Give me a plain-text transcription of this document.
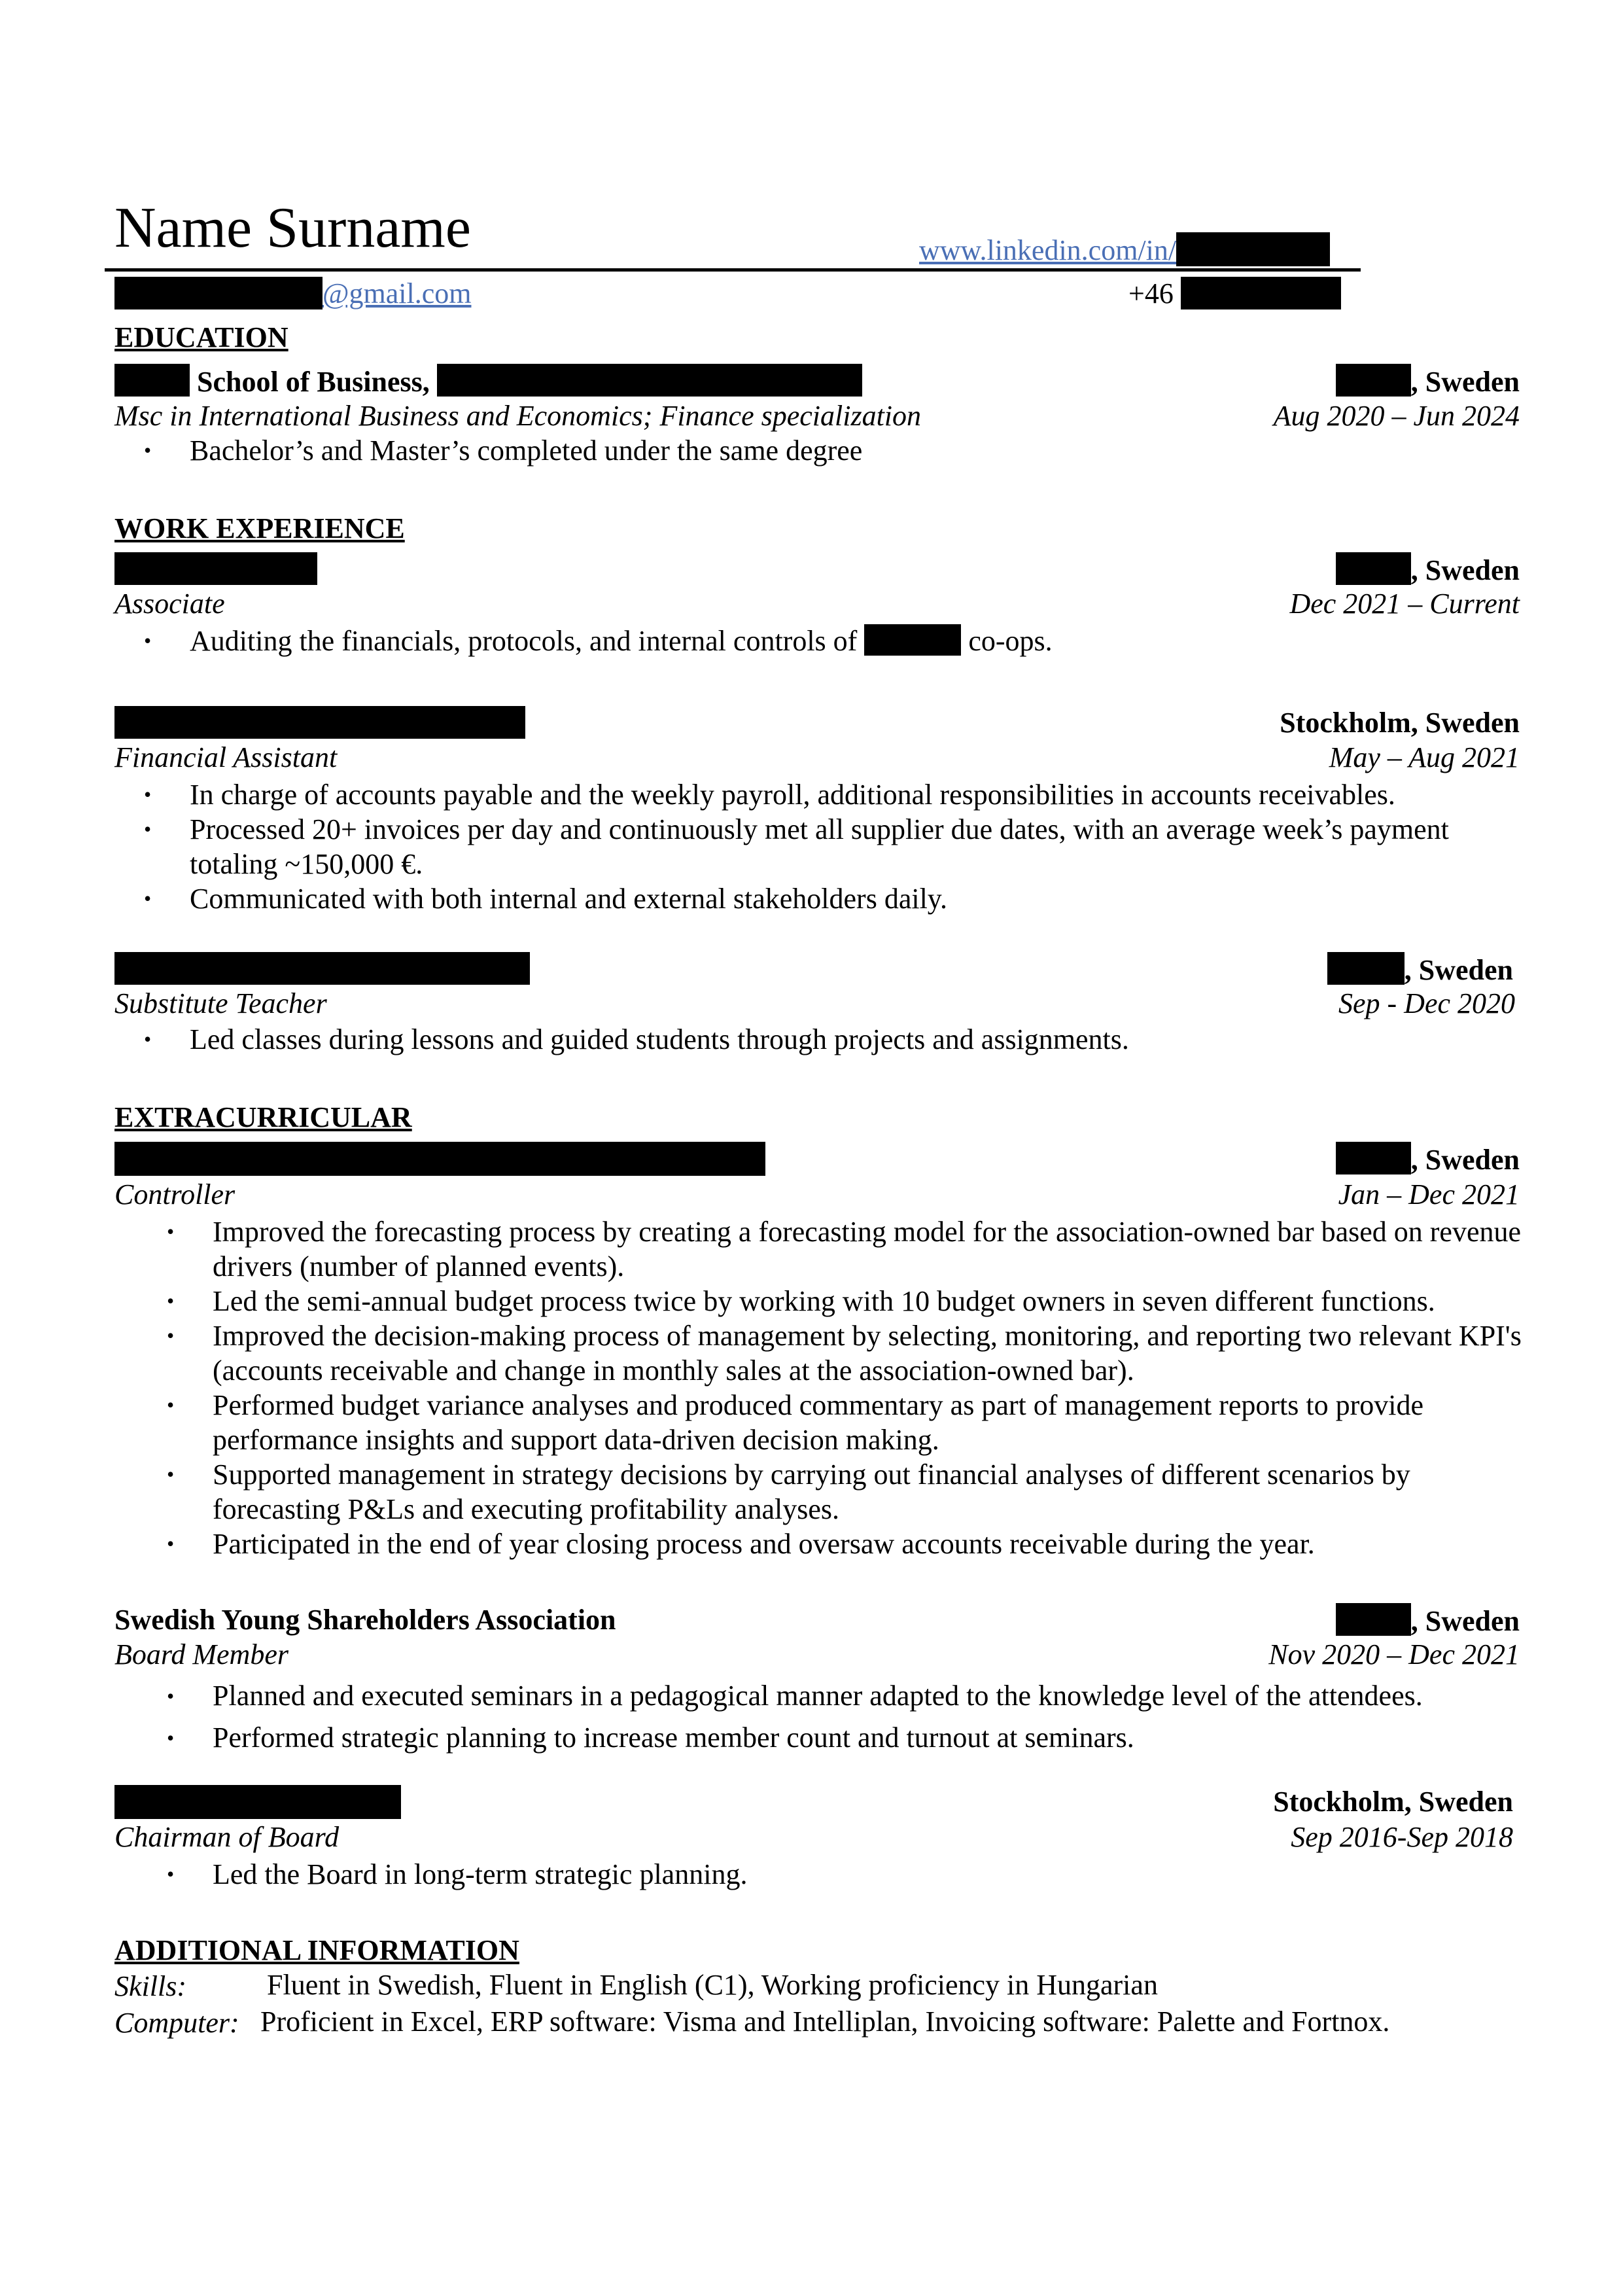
Name Surname	www.linkedin.com/in/
@gmail.com	+46
EDUCATION
School of Business,	, Sweden
Msc in International Business and Economics; Finance specialization	Aug 2020 – Jun 2024
• Bachelor’s and Master’s completed under the same degree
WORK EXPERIENCE
, Sweden
Associate	Dec 2021 – Current
• Auditing the financials, protocols, and internal controls of	co-ops.
Stockholm, Sweden
Financial Assistant	May – Aug 2021
• In charge of accounts payable and the weekly payroll, additional responsibilities in accounts receivables.
• Processed 20+ invoices per day and continuously met all supplier due dates, with an average week’s payment totaling ~150,000 €.
• Communicated with both internal and external stakeholders daily.
, Sweden
Substitute Teacher	Sep - Dec 2020
• Led classes during lessons and guided students through projects and assignments.
EXTRACURRICULAR
, Sweden
Controller	Jan – Dec 2021
• Improved the forecasting process by creating a forecasting model for the association-owned bar based on revenue drivers (number of planned events).
• Led the semi-annual budget process twice by working with 10 budget owners in seven different functions.
• Improved the decision-making process of management by selecting, monitoring, and reporting two relevant KPI's (accounts receivable and change in monthly sales at the association-owned bar).
• Performed budget variance analyses and produced commentary as part of management reports to provide performance insights and support data-driven decision making.
• Supported management in strategy decisions by carrying out financial analyses of different scenarios by forecasting P&Ls and executing profitability analyses.
• Participated in the end of year closing process and oversaw accounts receivable during the year.
Swedish Young Shareholders Association	, Sweden
Board Member	Nov 2020 – Dec 2021
• Planned and executed seminars in a pedagogical manner adapted to the knowledge level of the attendees.
• Performed strategic planning to increase member count and turnout at seminars.
Stockholm, Sweden
Chairman of Board	Sep 2016-Sep 2018
• Led the Board in long-term strategic planning.
ADDITIONAL INFORMATION
Skills:	Fluent in Swedish, Fluent in English (C1), Working proficiency in Hungarian
Computer: Proficient in Excel, ERP software: Visma and Intelliplan, Invoicing software: Palette and Fortnox.
